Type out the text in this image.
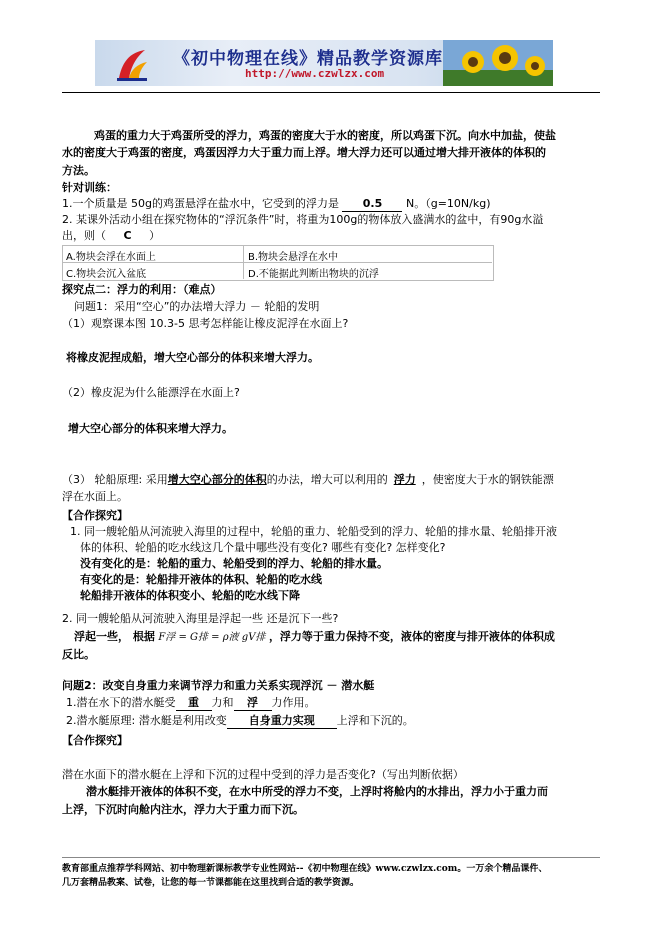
《初中物理在线》精品教学资源库
http://www.czwlzx.com
鸡蛋的重力大于鸡蛋所受的浮力，鸡蛋的密度大于水的密度，所以鸡蛋下沉。向水中加盐，使盐
水的密度大于鸡蛋的密度，鸡蛋因浮力大于重力而上浮。增大浮力还可以通过增大排开液体的体积的
方法。
针对训练：
1.一个质量是 50g的鸡蛋悬浮在盐水中，它受到的浮力是 0.5 N。（g=10N/kg)
2. 某课外活动小组在探究物体的“浮沉条件”时，将重为100g的物体放入盛满水的盆中，有90g水溢
出，则（ C ）
A.物块会浮在水面上	B.物块会悬浮在水中
C.物块会沉入盆底	D.不能据此判断出物块的沉浮
探究点二：浮力的利用：（难点）
问题1：采用“空心”的办法增大浮力 － 轮船的发明
（1）观察课本图 10.3-5 思考怎样能让橡皮泥浮在水面上?
将橡皮泥捏成船，增大空心部分的体积来增大浮力。
（2）橡皮泥为什么能漂浮在水面上?
增大空心部分的体积来增大浮力。
（3） 轮船原理: 采用增大空心部分的体积的办法，增大可以利用的 浮力 ，使密度大于水的钢铁能漂
浮在水面上。
【合作探究】
1. 同一艘轮船从河流驶入海里的过程中，轮船的重力、轮船受到的浮力、轮船的排水量、轮船排开液
体的体积、轮船的吃水线这几个量中哪些没有变化? 哪些有变化? 怎样变化?
没有变化的是：轮船的重力、轮船受到的浮力、轮船的排水量。
有变化的是：轮船排开液体的体积、轮船的吃水线
轮船排开液体的体积变小、轮船的吃水线下降
2. 同一艘轮船从河流驶入海里是浮起一些 还是沉下一些?
浮起一些， 根据 F浮 = G排 = ρ液 gV排 ，浮力等于重力保持不变，液体的密度与排开液体的体积成
反比。
问题2：改变自身重力来调节浮力和重力关系实现浮沉 － 潜水艇
1.潜在水下的潜水艇受 重 力和 浮 力作用。
2.潜水艇原理: 潜水艇是利用改变 自身重力实现 上浮和下沉的。
【合作探究】
潜在水面下的潜水艇在上浮和下沉的过程中受到的浮力是否变化?（写出判断依据）
潜水艇排开液体的体积不变，在水中所受的浮力不变，上浮时将舱内的水排出，浮力小于重力而
上浮，下沉时向舱内注水，浮力大于重力而下沉。
教育部重点推荐学科网站、初中物理新课标教学专业性网站--《初中物理在线》www.czwlzx.com。一万余个精品课件、
几万套精品教案、试卷，让您的每一节课都能在这里找到合适的教学资源。
